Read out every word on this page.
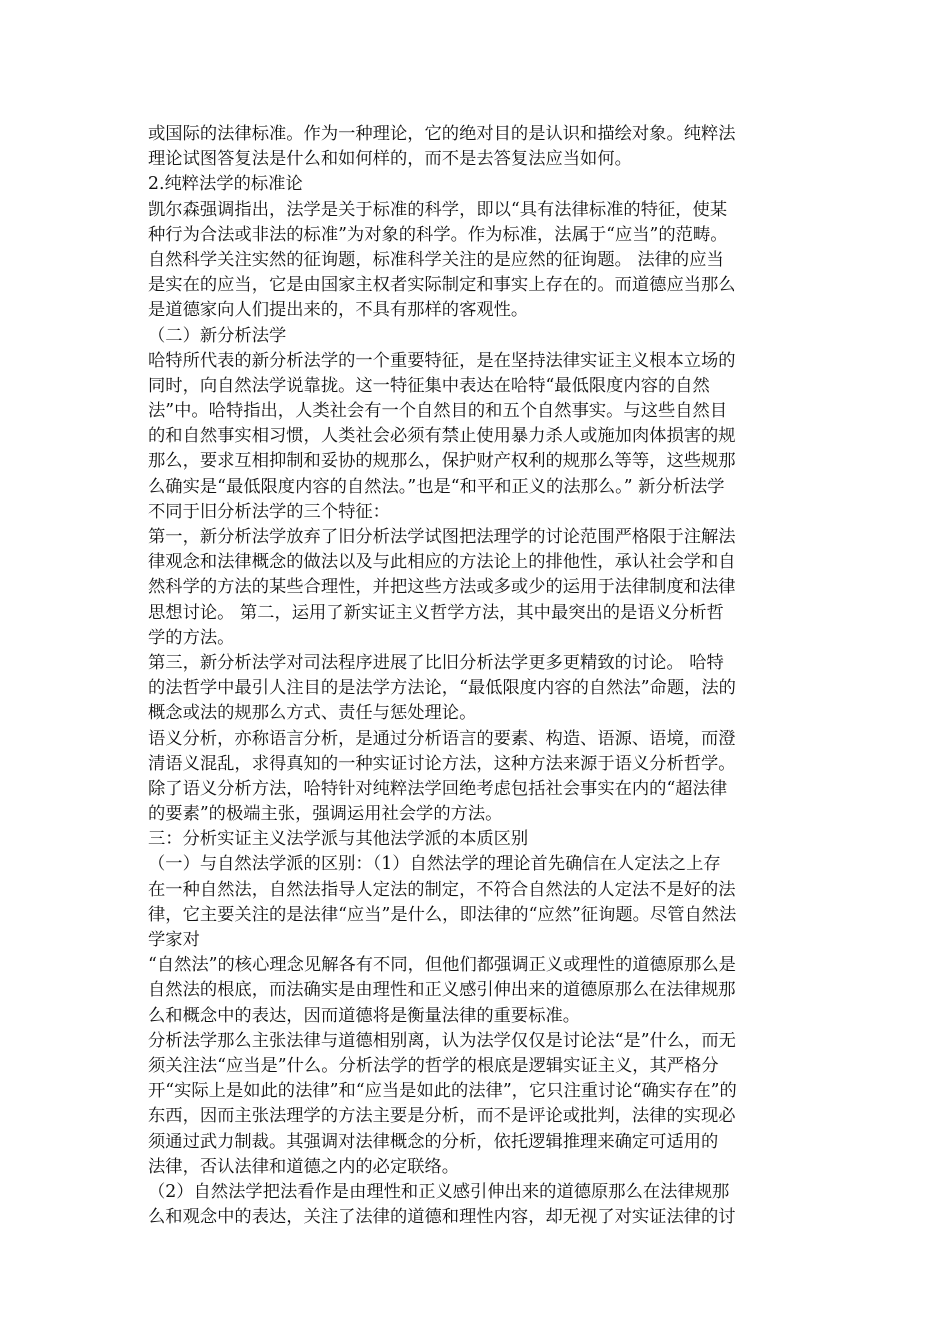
或国际的法律标准。作为一种理论，它的绝对目的是认识和描绘对象。纯粹法
理论试图答复法是什么和如何样的，而不是去答复法应当如何。
2.纯粹法学的标准论
凯尔森强调指出，法学是关于标准的科学，即以“具有法律标准的特征，使某
种行为合法或非法的标准”为对象的科学。作为标准，法属于“应当”的范畴。
自然科学关注实然的征询题，标准科学关注的是应然的征询题。 法律的应当
是实在的应当，它是由国家主权者实际制定和事实上存在的。而道德应当那么
是道德家向人们提出来的，不具有那样的客观性。
（二）新分析法学
哈特所代表的新分析法学的一个重要特征，是在坚持法律实证主义根本立场的
同时，向自然法学说靠拢。这一特征集中表达在哈特“最低限度内容的自然
法”中。哈特指出，人类社会有一个自然目的和五个自然事实。与这些自然目
的和自然事实相习惯，人类社会必须有禁止使用暴力杀人或施加肉体损害的规
那么，要求互相抑制和妥协的规那么，保护财产权利的规那么等等，这些规那
么确实是“最低限度内容的自然法。”也是“和平和正义的法那么。” 新分析法学
不同于旧分析法学的三个特征：
第一，新分析法学放弃了旧分析法学试图把法理学的讨论范围严格限于注解法
律观念和法律概念的做法以及与此相应的方法论上的排他性，承认社会学和自
然科学的方法的某些合理性，并把这些方法或多或少的运用于法律制度和法律
思想讨论。 第二，运用了新实证主义哲学方法，其中最突出的是语义分析哲
学的方法。
第三，新分析法学对司法程序进展了比旧分析法学更多更精致的讨论。 哈特
的法哲学中最引人注目的是法学方法论，“最低限度内容的自然法”命题，法的
概念或法的规那么方式、责任与惩处理论。
语义分析，亦称语言分析，是通过分析语言的要素、构造、语源、语境，而澄
清语义混乱，求得真知的一种实证讨论方法，这种方法来源于语义分析哲学。
除了语义分析方法，哈特针对纯粹法学回绝考虑包括社会事实在内的“超法律
的要素”的极端主张，强调运用社会学的方法。
三：分析实证主义法学派与其他法学派的本质区别
（一）与自然法学派的区别：（1）自然法学的理论首先确信在人定法之上存
在一种自然法，自然法指导人定法的制定，不符合自然法的人定法不是好的法
律，它主要关注的是法律“应当”是什么，即法律的“应然”征询题。尽管自然法
学家对
“自然法”的核心理念见解各有不同，但他们都强调正义或理性的道德原那么是
自然法的根底，而法确实是由理性和正义感引伸出来的道德原那么在法律规那
么和概念中的表达，因而道德将是衡量法律的重要标准。
分析法学那么主张法律与道德相别离，认为法学仅仅是讨论法“是”什么，而无
须关注法“应当是”什么。分析法学的哲学的根底是逻辑实证主义，其严格分
开“实际上是如此的法律”和“应当是如此的法律”，它只注重讨论“确实存在”的
东西，因而主张法理学的方法主要是分析，而不是评论或批判，法律的实现必
须通过武力制裁。其强调对法律概念的分析，依托逻辑推理来确定可适用的
法律，否认法律和道德之内的必定联络。
（2）自然法学把法看作是由理性和正义感引伸出来的道德原那么在法律规那
么和观念中的表达，关注了法律的道德和理性内容，却无视了对实证法律的讨
